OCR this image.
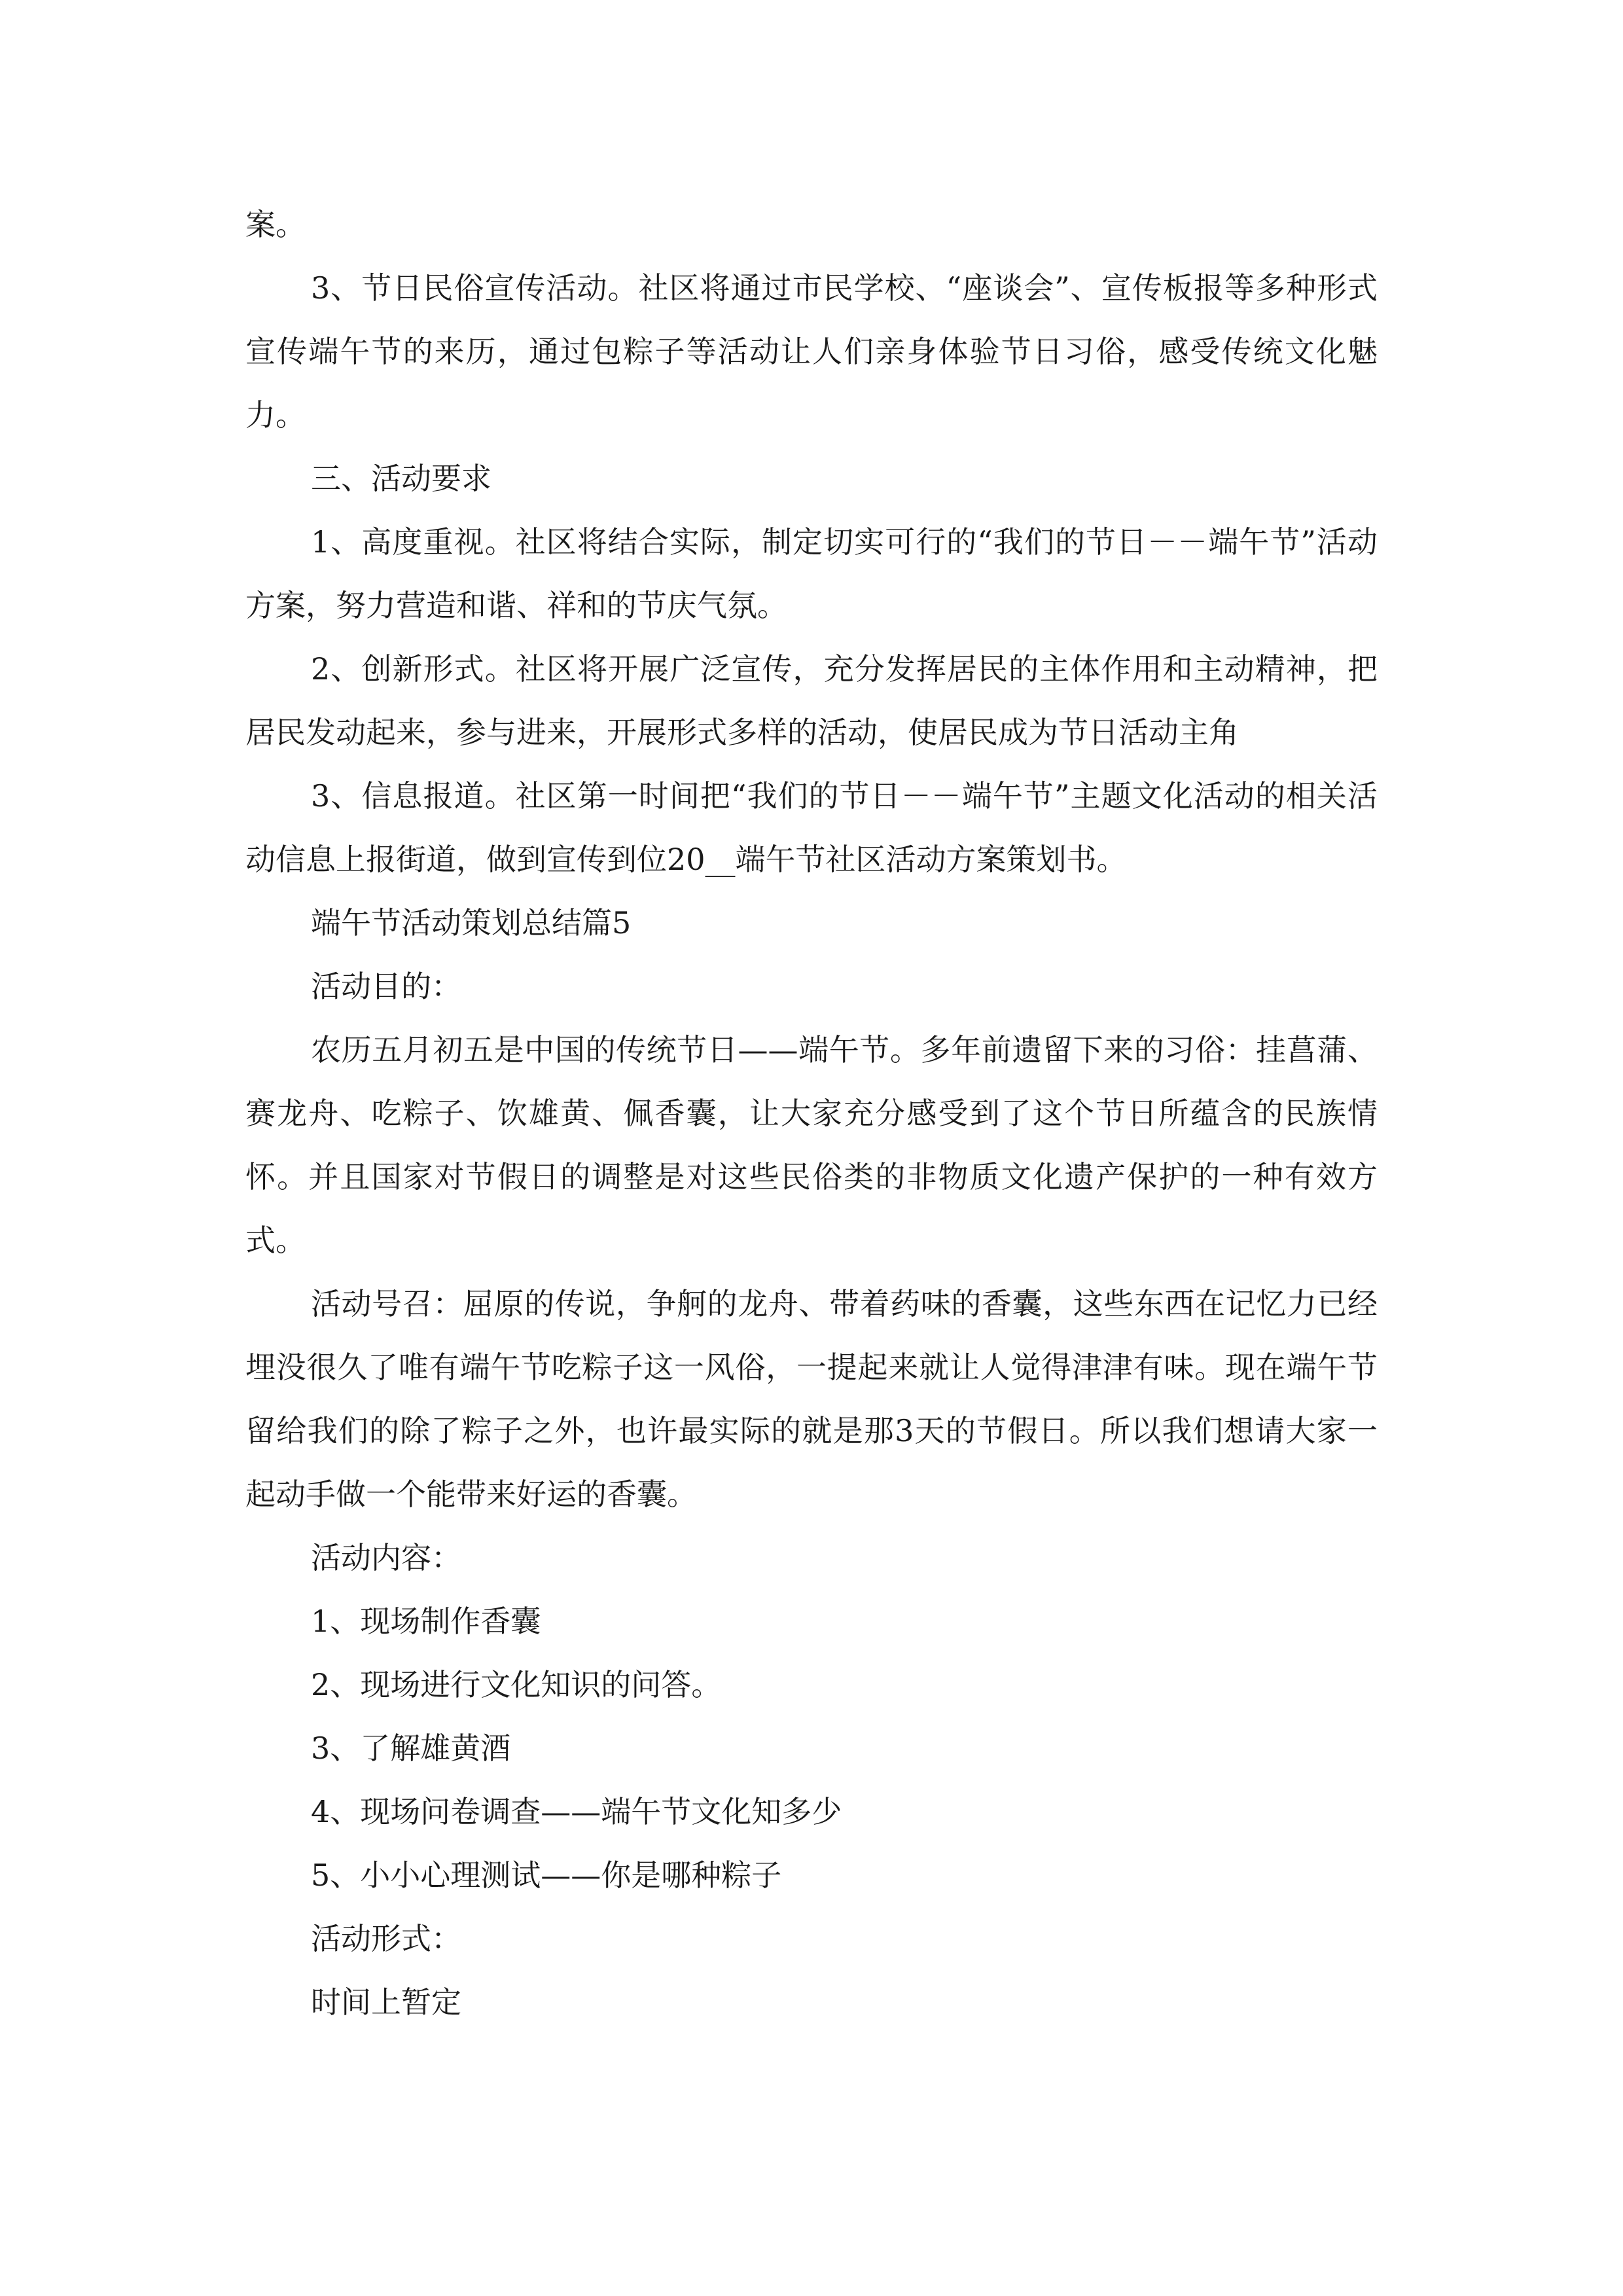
案。

3、节日民俗宣传活动。社区将通过市民学校、“座谈会”、宣传板报等多种形式宣传端午节的来历，通过包粽子等活动让人们亲身体验节日习俗，感受传统文化魅力。

三、活动要求

1、高度重视。社区将结合实际，制定切实可行的“我们的节日－－端午节”活动方案，努力营造和谐、祥和的节庆气氛。

2、创新形式。社区将开展广泛宣传，充分发挥居民的主体作用和主动精神，把居民发动起来，参与进来，开展形式多样的活动，使居民成为节日活动主角

3、信息报道。社区第一时间把“我们的节日－－端午节”主题文化活动的相关活动信息上报街道，做到宣传到位20__端午节社区活动方案策划书。

端午节活动策划总结篇5

活动目的：

农历五月初五是中国的传统节日——端午节。多年前遗留下来的习俗：挂菖蒲、赛龙舟、吃粽子、饮雄黄、佩香囊，让大家充分感受到了这个节日所蕴含的民族情怀。并且国家对节假日的调整是对这些民俗类的非物质文化遗产保护的一种有效方式。

活动号召：屈原的传说，争舸的龙舟、带着药味的香囊，这些东西在记忆力已经埋没很久了唯有端午节吃粽子这一风俗，一提起来就让人觉得津津有味。现在端午节留给我们的除了粽子之外，也许最实际的就是那3天的节假日。所以我们想请大家一起动手做一个能带来好运的香囊。

活动内容：

1、现场制作香囊

2、现场进行文化知识的问答。

3、了解雄黄酒

4、现场问卷调查——端午节文化知多少

5、小小心理测试——你是哪种粽子

活动形式：

时间上暂定
